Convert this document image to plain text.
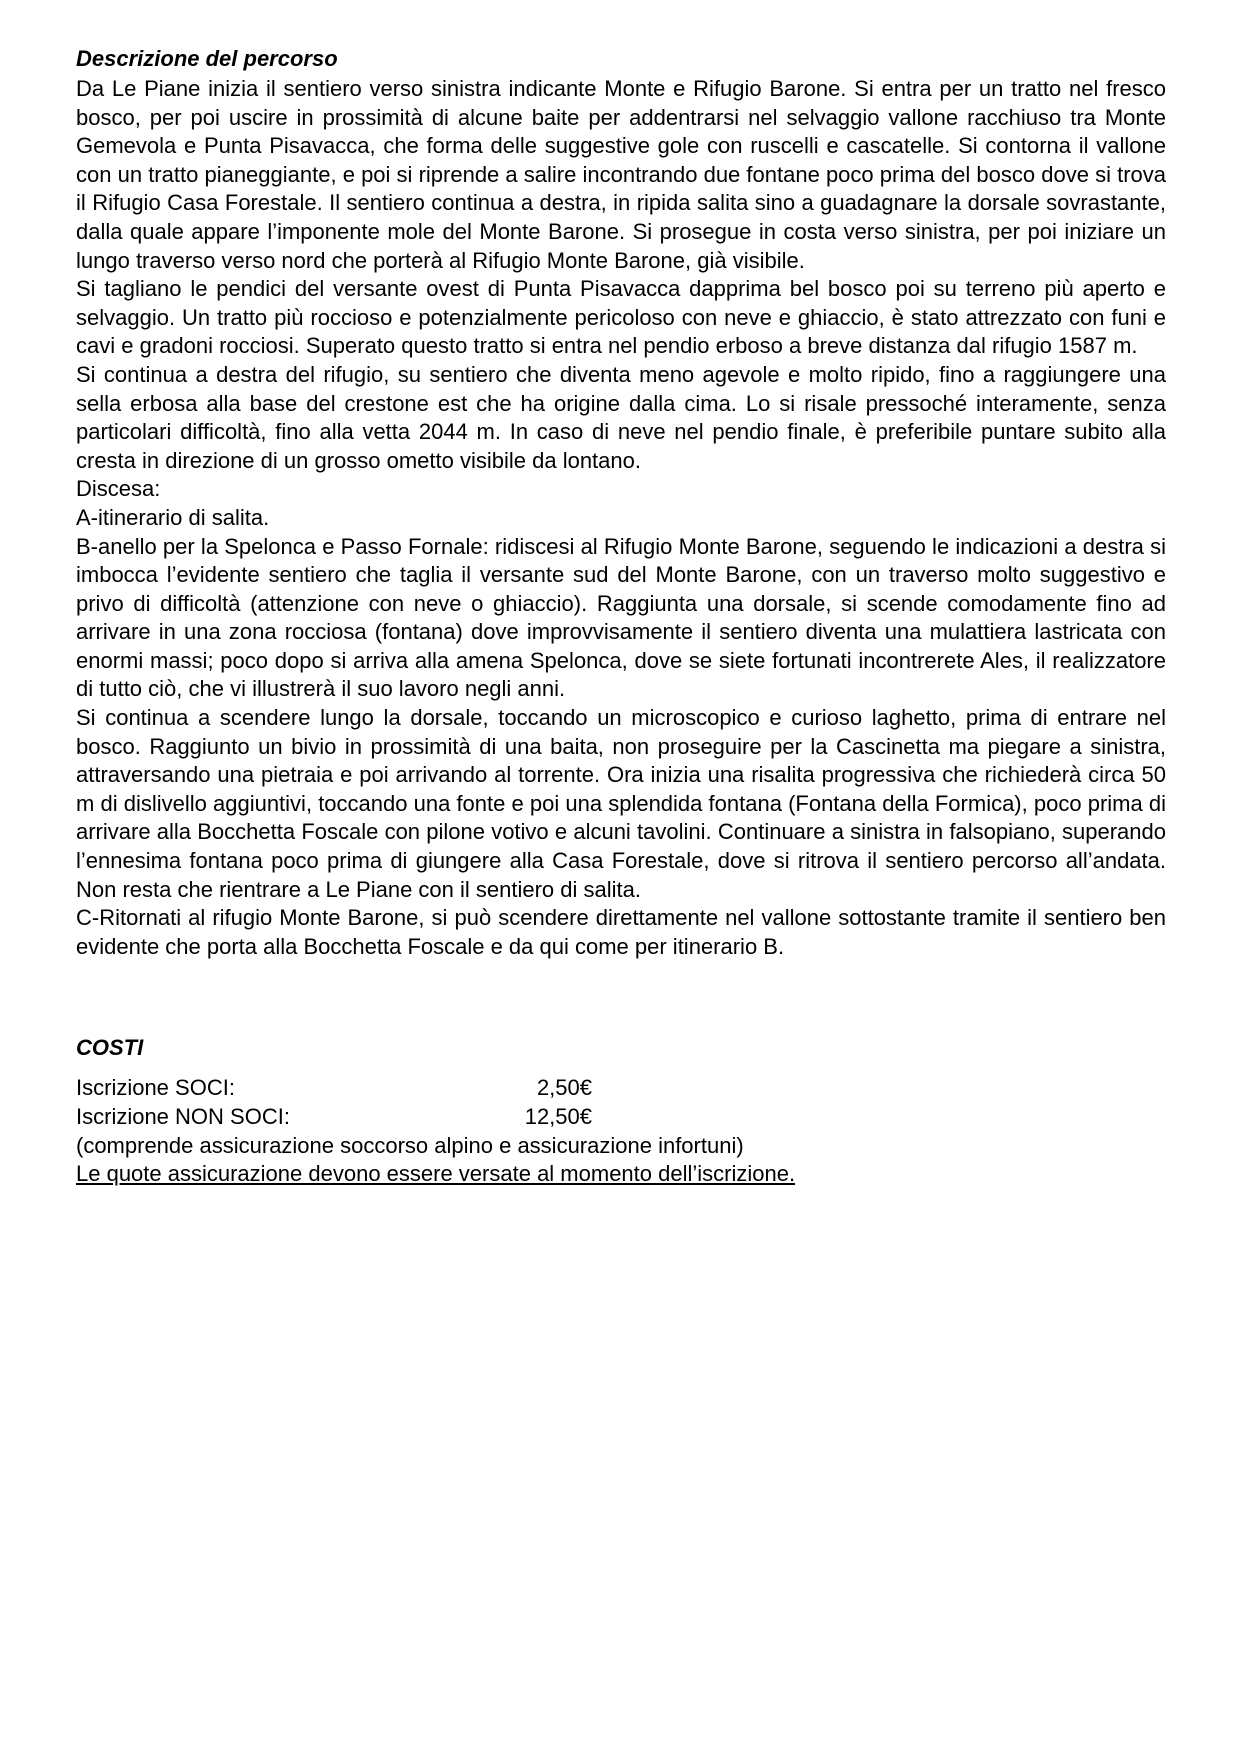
Descrizione del percorso

Da Le Piane inizia il sentiero verso sinistra indicante Monte e Rifugio Barone. Si entra per un tratto nel fresco bosco, per poi uscire in prossimità di alcune baite per addentrarsi nel selvaggio vallone racchiuso tra Monte Gemevola e Punta Pisavacca, che forma delle suggestive gole con ruscelli e cascatelle. Si contorna il vallone con un tratto pianeggiante, e poi si riprende a salire incontrando due fontane poco prima del bosco dove si trova il Rifugio Casa Forestale. Il sentiero continua a destra, in ripida salita sino a guadagnare la dorsale sovrastante, dalla quale appare l’imponente mole del Monte Barone. Si prosegue in costa verso sinistra, per poi iniziare un lungo traverso verso nord che porterà al Rifugio Monte Barone, già visibile.

Si tagliano le pendici del versante ovest di Punta Pisavacca dapprima bel bosco poi su terreno più aperto e selvaggio. Un tratto più roccioso e potenzialmente pericoloso con neve e ghiaccio, è stato attrezzato con funi e cavi e gradoni rocciosi. Superato questo tratto si entra nel pendio erboso a breve distanza dal rifugio 1587 m.

Si continua a destra del rifugio, su sentiero che diventa meno agevole e molto ripido, fino a raggiungere una sella erbosa alla base del crestone est che ha origine dalla cima. Lo si risale pressoché interamente, senza particolari difficoltà, fino alla vetta 2044 m. In caso di neve nel pendio finale, è preferibile puntare subito alla cresta in direzione di un grosso ometto visibile da lontano.

Discesa:

A-itinerario di salita.

B-anello per la Spelonca e Passo Fornale: ridiscesi al Rifugio Monte Barone, seguendo le indicazioni a destra si imbocca l’evidente sentiero che taglia il versante sud del Monte Barone, con un traverso molto suggestivo e privo di difficoltà (attenzione con neve o ghiaccio). Raggiunta una dorsale, si scende comodamente fino ad arrivare in una zona rocciosa (fontana) dove improvvisamente il sentiero diventa una mulattiera lastricata con enormi massi; poco dopo si arriva alla amena Spelonca, dove se siete fortunati incontrerete Ales, il realizzatore di tutto ciò, che vi illustrerà il suo lavoro negli anni.

Si continua a scendere lungo la dorsale, toccando un microscopico e curioso laghetto, prima di entrare nel bosco. Raggiunto un bivio in prossimità di una baita, non proseguire per la Cascinetta ma piegare a sinistra, attraversando una pietraia e poi arrivando al torrente. Ora inizia una risalita progressiva che richiederà circa 50 m di dislivello aggiuntivi, toccando una fonte e poi una splendida fontana (Fontana della Formica), poco prima di arrivare alla Bocchetta Foscale con pilone votivo e alcuni tavolini. Continuare a sinistra in falsopiano, superando l’ennesima fontana poco prima di giungere alla Casa Forestale, dove si ritrova il sentiero percorso all’andata. Non resta che rientrare a Le Piane con il sentiero di salita.

C-Ritornati al rifugio Monte Barone, si può scendere direttamente nel vallone sottostante tramite il sentiero ben evidente che porta alla Bocchetta Foscale e da qui come per itinerario B.

COSTI
Iscrizione SOCI:	2,50€
Iscrizione NON SOCI:	12,50€
(comprende assicurazione soccorso alpino e assicurazione infortuni)
Le quote assicurazione devono essere versate al momento dell’iscrizione.
